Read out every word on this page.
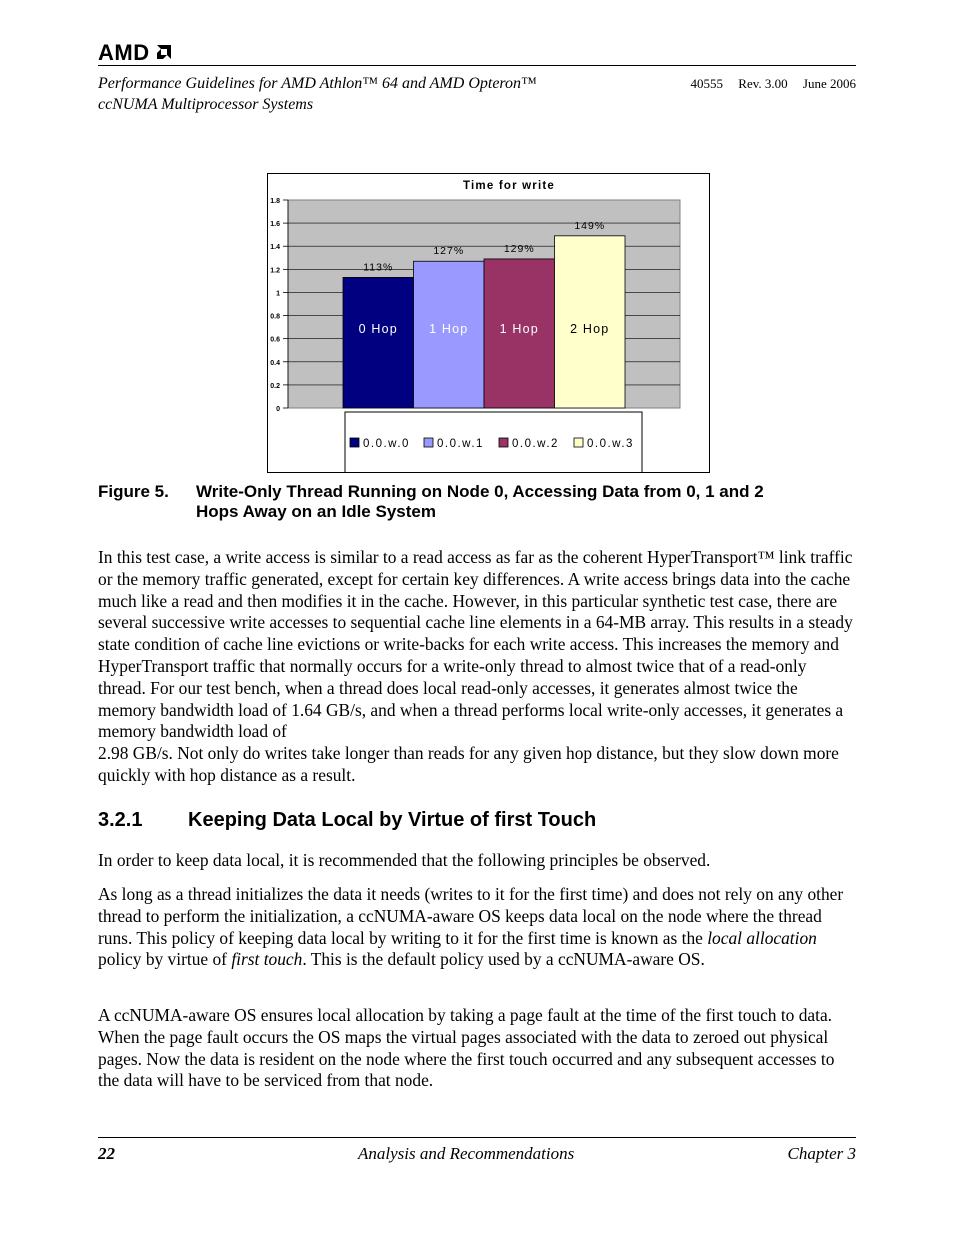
AMD
Performance Guidelines for AMD Athlon™ 64 and AMD Opteron™
ccNUMA Multiprocessor Systems
40555 Rev. 3.00 June 2006
Time for write
0
0.2
0.4
0.6
0.8
1
1.2
1.4
1.6
1.8
113%
0 Hop
127%
1 Hop
129%
1 Hop
149%
2 Hop
0.0.w.0 0.0.w.1 0.0.w.2 0.0.w.3
Figure 5. Write-Only Thread Running on Node 0, Accessing Data from 0, 1 and 2
Hops Away on an Idle System
In this test case, a write access is similar to a read access as far as the coherent HyperTransport™ link traffic or the memory traffic generated, except for certain key differences. A write access brings data into the cache much like a read and then modifies it in the cache. However, in this particular synthetic test case, there are several successive write accesses to sequential cache line elements in a 64-MB array. This results in a steady state condition of cache line evictions or write-backs for each write access. This increases the memory and HyperTransport traffic that normally occurs for a write-only thread to almost twice that of a read-only thread. For our test bench, when a thread does local read-only accesses, it generates almost twice the memory bandwidth load of 1.64 GB/s, and when a thread performs local write-only accesses, it generates a memory bandwidth load of
2.98 GB/s. Not only do writes take longer than reads for any given hop distance, but they slow down more quickly with hop distance as a result.
3.2.1 Keeping Data Local by Virtue of first Touch
In order to keep data local, it is recommended that the following principles be observed.
As long as a thread initializes the data it needs (writes to it for the first time) and does not rely on any other thread to perform the initialization, a ccNUMA-aware OS keeps data local on the node where the thread runs. This policy of keeping data local by writing to it for the first time is known as the local allocation policy by virtue of first touch. This is the default policy used by a ccNUMA-aware OS.
A ccNUMA-aware OS ensures local allocation by taking a page fault at the time of the first touch to data. When the page fault occurs the OS maps the virtual pages associated with the data to zeroed out physical pages. Now the data is resident on the node where the first touch occurred and any subsequent accesses to the data will have to be serviced from that node.
22	Analysis and Recommendations	Chapter 3
